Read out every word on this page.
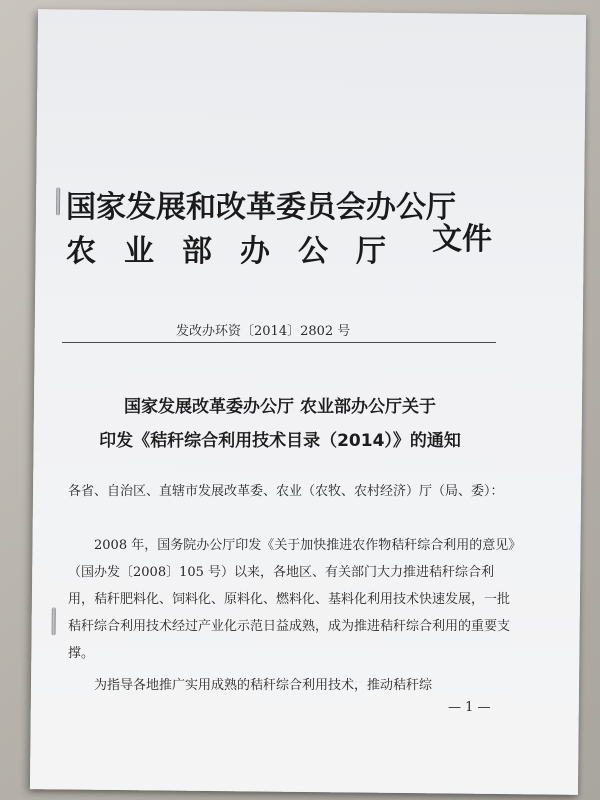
国家发展和改革委员会办公厅
农业部办公厅 文件
发改办环资〔2014〕2802 号
国家发展改革委办公厅 农业部办公厅关于
印发《秸秆综合利用技术目录（2014）》的通知

各省、自治区、直辖市发展改革委、农业（农牧、农村经济）厅（局、委）：

2008 年，国务院办公厅印发《关于加快推进农作物秸秆综合利用的意见》（国办发〔2008〕105 号）以来，各地区、有关部门大力推进秸秆综合利用，秸秆肥料化、饲料化、原料化、燃料化、基料化利用技术快速发展，一批秸秆综合利用技术经过产业化示范日益成熟，成为推进秸秆综合利用的重要支撑。

为指导各地推广实用成熟的秸秆综合利用技术，推动秸秆综

— 1 —
